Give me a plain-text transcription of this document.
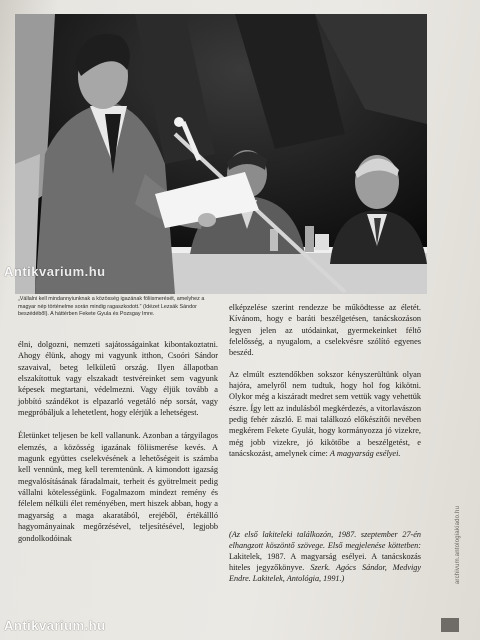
Antikvarium.hu
„Vállalni kell mindannyiunknak a közösség igazának föliismerését, amelyhez a magyar nép történelme során mindig ragaszkodott.” (Idézet Lezsák Sándor beszédéből). A háttérben Fekete Gyula és Pozsgay Imre.

élni, dolgozni, nemzeti sajátosságainkat kibontakoztatni. Ahogy élünk, ahogy mi vagyunk itthon, Csoóri Sándor szavaival, beteg lelkületű ország. Ilyen állapotban elszakítottuk vagy elszakadt testvéreinket sem vagyunk képesek megtartani, védelmezni. Vagy éljük tovább a jobbító szándékot is elpazarló vegetáló nép sorsát, vagy megpróbáljuk a lehetetlent, hogy elérjük a lehetségest.

Életünket teljesen be kell vallanunk. Azonban a tárgyilagos elemzés, a közösség igazának föliismerése kevés. A magunk együttes cselekvésének a lehetőségeit is számba kell vennünk, meg kell teremtenünk. A kimondott igazság megvalósításának fáradalmait, terheit és gyötrelmeit pedig vállalni kötelességünk. Fogalmazom mindezt remény és félelem nélküli élet reményében, mert hiszek abban, hogy a magyarság a maga akaratából, erejéből, értékállló hagyományainak megőrzésével, teljesítésével, legjobb gondolkodóinak

elképzelése szerint rendezze be működtesse az életét. Kívánom, hogy e baráti beszélgetésen, tanácskozáson legyen jelen az utódainkat, gyermekeinket féltő felelősség, a nyugalom, a cselekvésre szólító egyenes beszéd.

Az elmúlt esztendőkben sokszor kényszerültünk olyan hajóra, amelyről nem tudtuk, hogy hol fog kikötni. Olykor még a kiszáradt medret sem vettük vagy vehettük észre. Így lett az indulásból megkérdezés, a vitorlavászon pedig fehér zászló. E mai találkozó előkészítői nevében megkérem Fekete Gyulát, hogy kormányozza jó vizekre, még jobb vizekre, jó kikötőbe a beszélgetést, e tanácskozást, amelynek címe: A magyarság esélyei.

(Az első lakiteleki találkozón, 1987. szeptember 27-én elhangzott köszöntő szövege. Első megjelenése köttetben: Lakitelek, 1987. A magyarság esélyei. A tanácskozás hiteles jegyzőkönyve. Szerk. Agócs Sándor, Medvigy Endre. Lakitelek, Antológia, 1991.)	archivum.antologiakiado.hu
Antikvarium.hu
